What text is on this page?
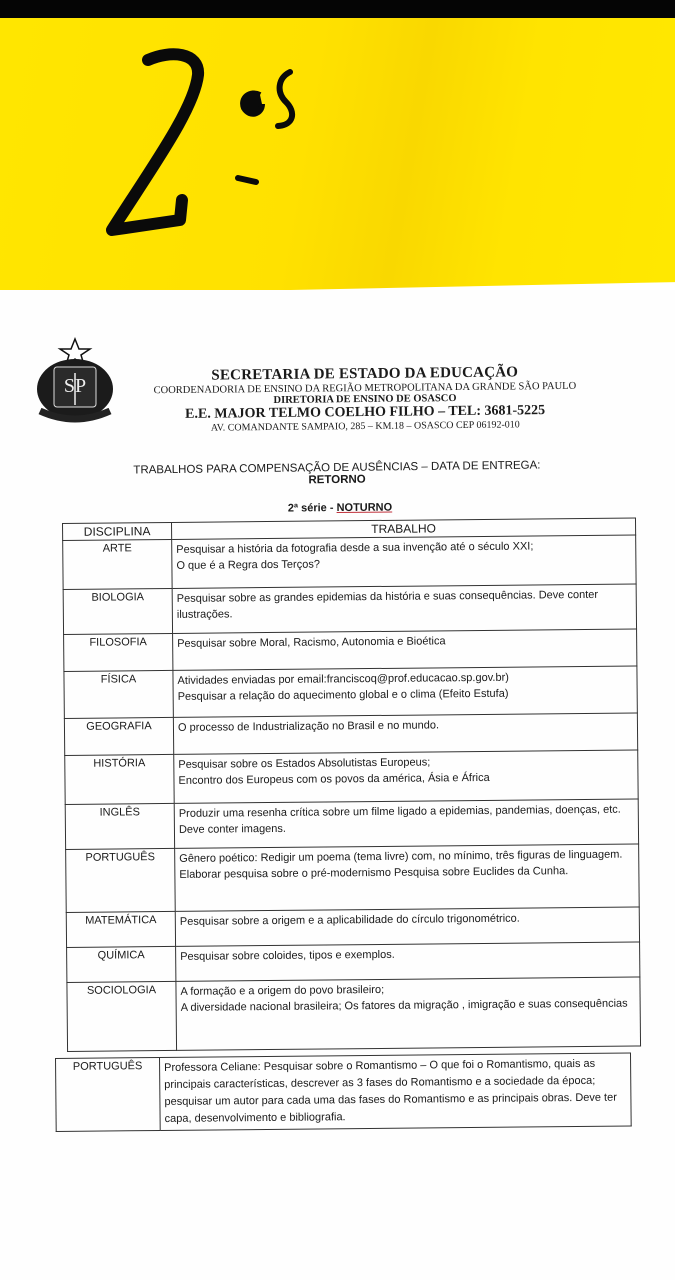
SP
SECRETARIA DE ESTADO DA EDUCAÇÃO
COORDENADORIA DE ENSINO DA REGIÃO METROPOLITANA DA GRANDE SÃO PAULO
DIRETORIA DE ENSINO DE OSASCO
E.E. MAJOR TELMO COELHO FILHO – TEL: 3681-5225
AV. COMANDANTE SAMPAIO, 285 – KM.18 – OSASCO CEP 06192-010
TRABALHOS PARA COMPENSAÇÃO DE AUSÊNCIAS – DATA DE ENTREGA: RETORNO
2ª série - NOTURNO
DISCIPLINA	TRABALHO
ARTE	Pesquisar a história da fotografia desde a sua invenção até o século XXI;
O que é a Regra dos Terços?

BIOLOGIA	Pesquisar sobre as grandes epidemias da história e suas consequências. Deve conter ilustrações.

FILOSOFIA	Pesquisar sobre Moral, Racismo, Autonomia e Bioética

FÍSICA	Atividades enviadas por email:franciscoq@prof.educacao.sp.gov.br)
Pesquisar a relação do aquecimento global e o clima (Efeito Estufa)

GEOGRAFIA	O processo de Industrialização no Brasil e no mundo.

HISTÓRIA	Pesquisar sobre os Estados Absolutistas Europeus;
Encontro dos Europeus com os povos da américa, Ásia e África

INGLÊS	Produzir uma resenha crítica sobre um filme ligado a epidemias, pandemias, doenças, etc. Deve conter imagens.

PORTUGUÊS	Gênero poético: Redigir um poema (tema livre) com, no mínimo, três figuras de linguagem. Elaborar pesquisa sobre o pré-modernismo Pesquisa sobre Euclides da Cunha.

MATEMÁTICA	Pesquisar sobre a origem e a aplicabilidade do círculo trigonométrico.

QUÍMICA	Pesquisar sobre coloides, tipos e exemplos.

SOCIOLOGIA	A formação e a origem do povo brasileiro;
A diversidade nacional brasileira; Os fatores da migração , imigração e suas consequências
PORTUGUÊS	Professora Celiane: Pesquisar sobre o Romantismo – O que foi o Romantismo, quais as principais características, descrever as 3 fases do Romantismo e a sociedade da época; pesquisar um autor para cada uma das fases do Romantismo e as principais obras. Deve ter capa, desenvolvimento e bibliografia.
